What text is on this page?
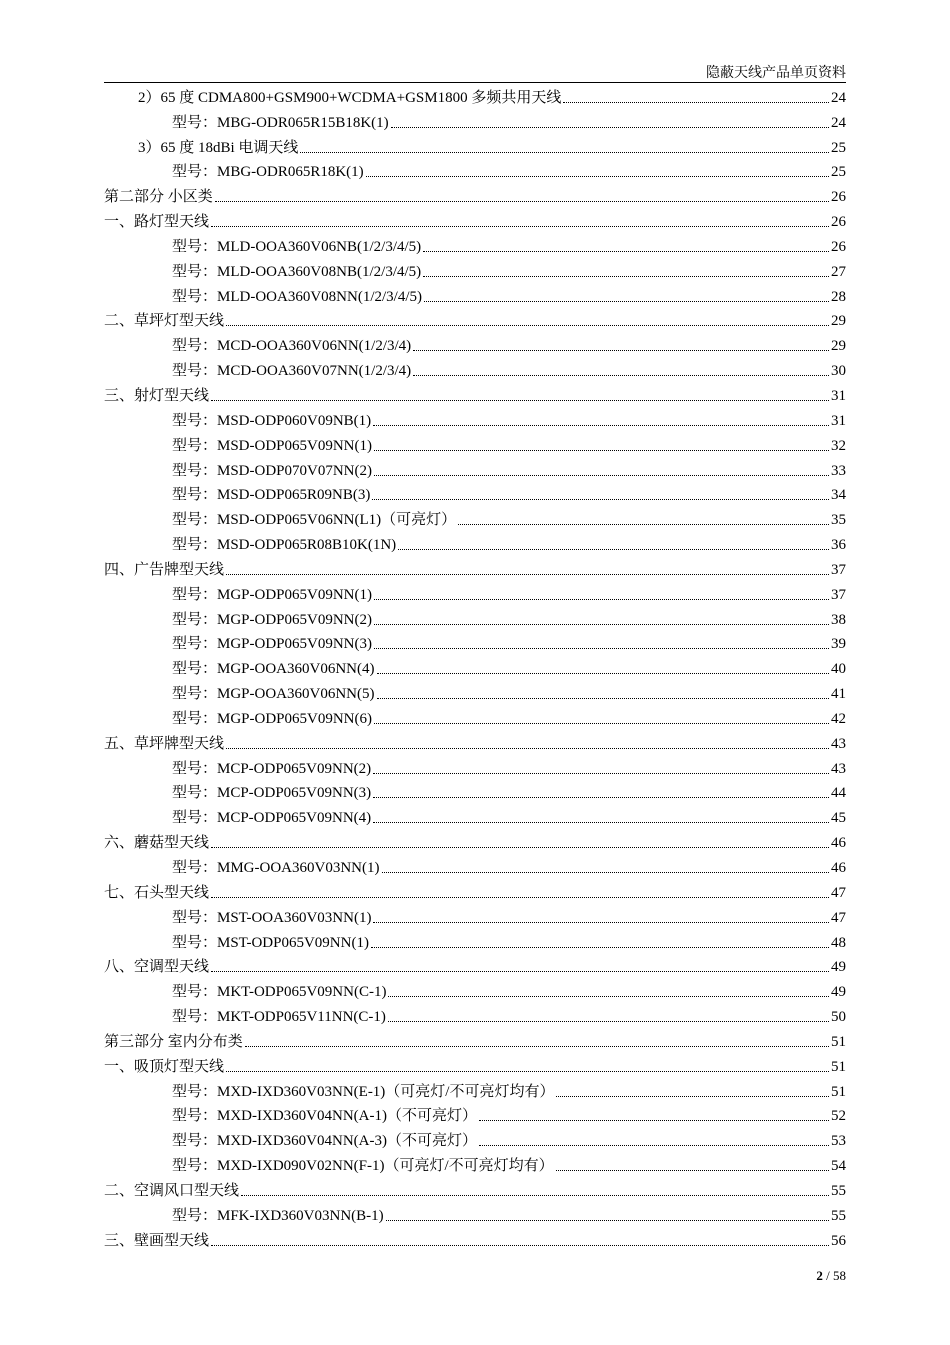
隐蔽天线产品单页资料
2）65 度 CDMA800+GSM900+WCDMA+GSM1800 多频共用天线	24
型号：MBG-ODR065R15B18K(1)	24
3）65 度 18dBi 电调天线	25
型号：MBG-ODR065R18K(1)	25
第二部分 小区类	26
一、路灯型天线	26
型号：MLD-OOA360V06NB(1/2/3/4/5)	26
型号：MLD-OOA360V08NB(1/2/3/4/5)	27
型号：MLD-OOA360V08NN(1/2/3/4/5)	28
二、草坪灯型天线	29
型号：MCD-OOA360V06NN(1/2/3/4)	29
型号：MCD-OOA360V07NN(1/2/3/4)	30
三、射灯型天线	31
型号：MSD-ODP060V09NB(1)	31
型号：MSD-ODP065V09NN(1)	32
型号：MSD-ODP070V07NN(2)	33
型号：MSD-ODP065R09NB(3)	34
型号：MSD-ODP065V06NN(L1)（可亮灯）	35
型号：MSD-ODP065R08B10K(1N)	36
四、广告牌型天线	37
型号：MGP-ODP065V09NN(1)	37
型号：MGP-ODP065V09NN(2)	38
型号：MGP-ODP065V09NN(3)	39
型号：MGP-OOA360V06NN(4)	40
型号：MGP-OOA360V06NN(5)	41
型号：MGP-ODP065V09NN(6)	42
五、草坪牌型天线	43
型号：MCP-ODP065V09NN(2)	43
型号：MCP-ODP065V09NN(3)	44
型号：MCP-ODP065V09NN(4)	45
六、蘑菇型天线	46
型号：MMG-OOA360V03NN(1)	46
七、石头型天线	47
型号：MST-OOA360V03NN(1)	47
型号：MST-ODP065V09NN(1)	48
八、空调型天线	49
型号：MKT-ODP065V09NN(C-1)	49
型号：MKT-ODP065V11NN(C-1)	50
第三部分 室内分布类	51
一、吸顶灯型天线	51
型号：MXD-IXD360V03NN(E-1)（可亮灯/不可亮灯均有）	51
型号：MXD-IXD360V04NN(A-1)（不可亮灯）	52
型号：MXD-IXD360V04NN(A-3)（不可亮灯）	53
型号：MXD-IXD090V02NN(F-1)（可亮灯/不可亮灯均有）	54
二、空调风口型天线	55
型号：MFK-IXD360V03NN(B-1)	55
三、壁画型天线	56
2 / 58
